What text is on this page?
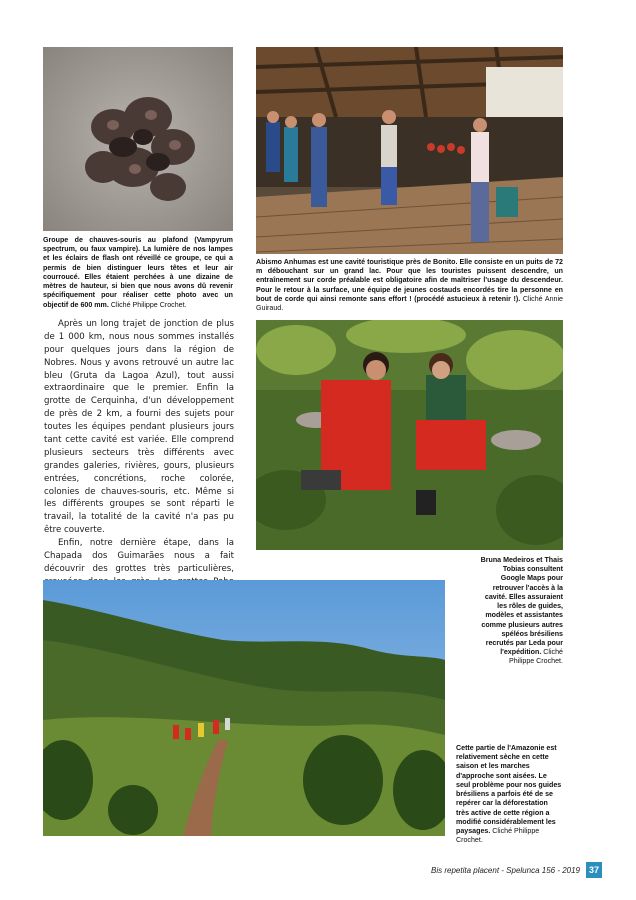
Groupe de chauves-souris au plafond (Vampyrum spectrum, ou faux vampire). La lumière de nos lampes et les éclairs de flash ont réveillé ce groupe, ce qui a permis de bien distinguer leurs têtes et leur air courroucé. Elles étaient perchées à une dizaine de mètres de hauteur, si bien que nous avons dû revenir spécifiquement pour réaliser cette photo avec un objectif de 600 mm. Cliché Philippe Crochet.
Abismo Anhumas est une cavité touristique près de Bonito. Elle consiste en un puits de 72 m débouchant sur un grand lac. Pour que les touristes puissent descendre, un entraînement sur corde préalable est obligatoire afin de maîtriser l'usage du descendeur. Pour le retour à la surface, une équipe de jeunes costauds encordés tire la personne en bout de corde qui ainsi remonte sans effort ! (procédé astucieux à retenir !). Cliché Annie Guiraud.

Après un long trajet de jonction de plus de 1 000 km, nous nous sommes installés pour quelques jours dans la région de Nobres. Nous y avons retrouvé un autre lac bleu (Gruta da Lagoa Azul), tout aussi extraordinaire que le premier. Enfin la grotte de Cerquinha, d'un développement de près de 2 km, a fourni des sujets pour toutes les équipes pendant plusieurs jours tant cette cavité est variée. Elle comprend plusieurs secteurs très différents avec grandes galeries, rivières, gours, plusieurs entrées, concrétions, roche colorée, colonies de chauves-souris, etc. Même si les différents groupes se sont réparti le travail, la totalité de la cavité n'a pas pu être couverte.

Enfin, notre dernière étape, dans la Chapada dos Guimarães nous a fait découvrir des grottes très particulières,

Bruna Medeiros et Thais Tobias consultent Google Maps pour retrouver l'accès à la cavité. Elles assuraient les rôles de guides, modèles et assistantes comme plusieurs autres spéléos brésiliens recrutés par Leda pour l'expédition. Cliché Philippe Crochet.
Cette partie de l'Amazonie est relativement sèche en cette saison et les marches d'approche sont aisées. Le seul problème pour nos guides brésiliens a parfois été de se repérer car la déforestation très active de cette région a modifié considérablement les paysages. Cliché Philippe Crochet.
Bis repetita placent - Spelunca 156 - 2019 37
